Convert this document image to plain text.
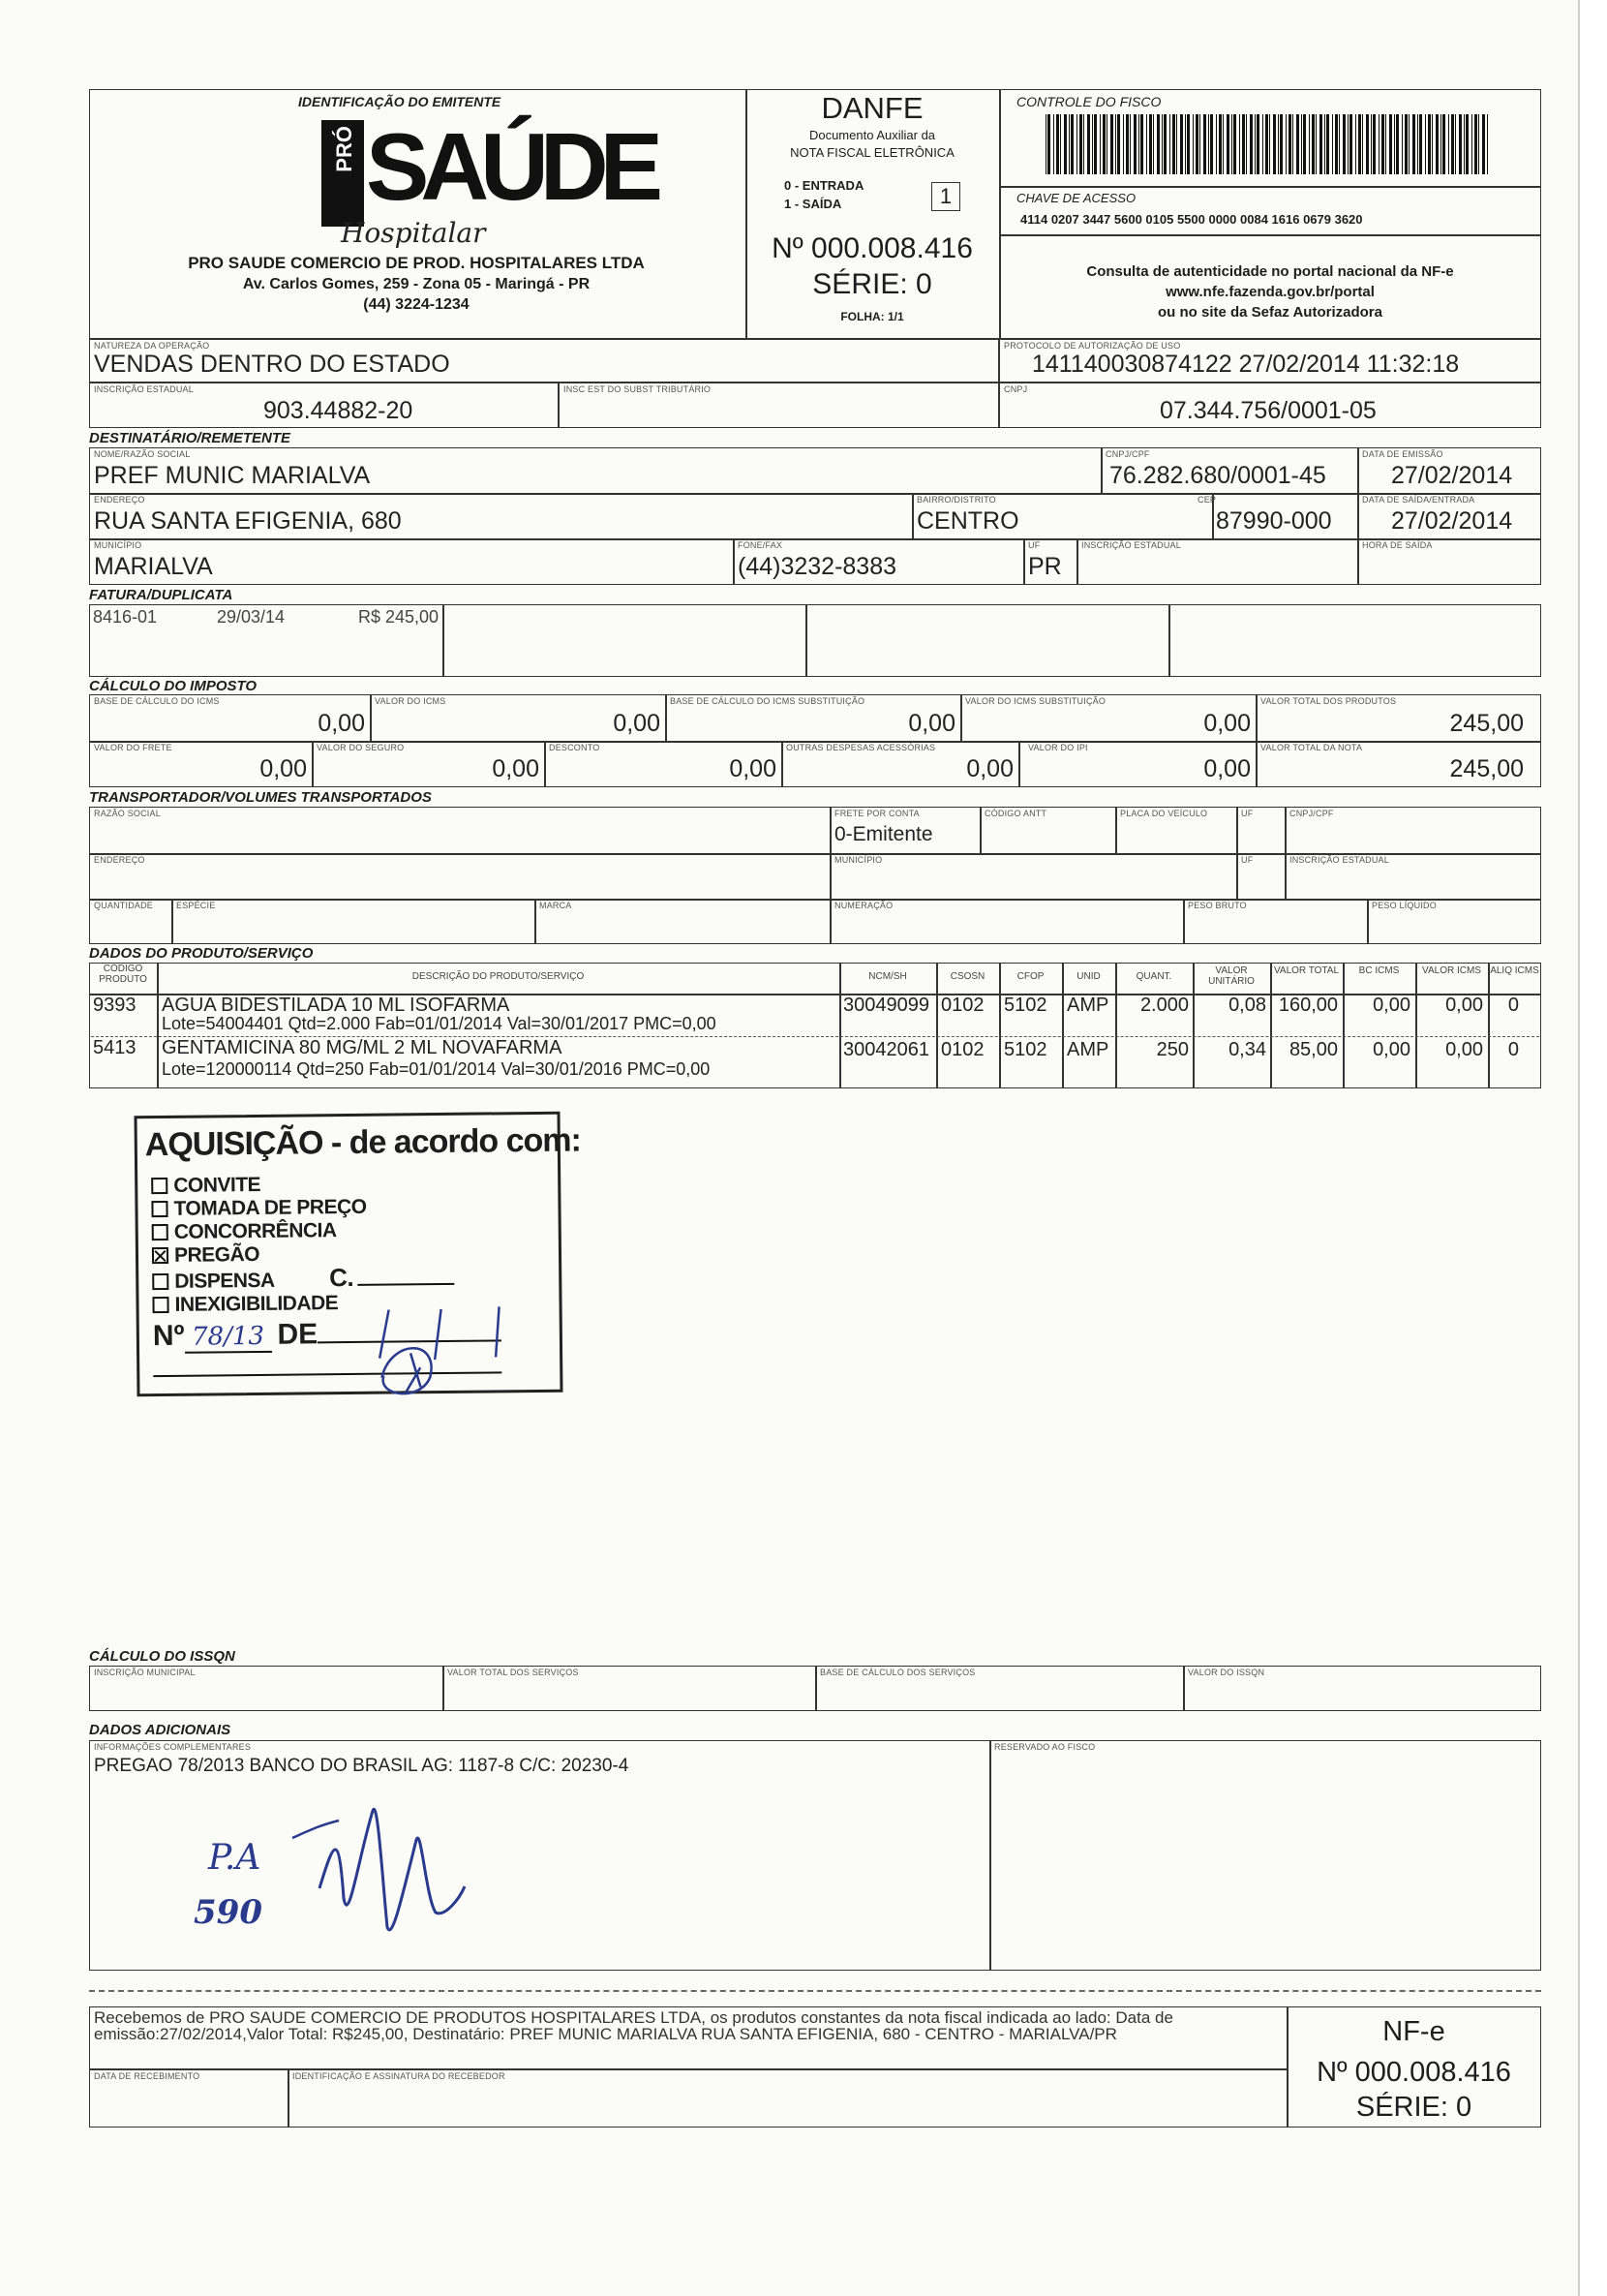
IDENTIFICAÇÃO DO EMITENTE
PRÓ SAÚDE
Hospitalar
PRO SAUDE COMERCIO DE PROD. HOSPITALARES LTDA
Av. Carlos Gomes, 259 - Zona 05 - Maringá - PR
(44) 3224-1234
DANFE
Documento Auxiliar da
NOTA FISCAL ELETRÔNICA
0 - ENTRADA
1 - SAÍDA	1
Nº 000.008.416
SÉRIE: 0
FOLHA: 1/1
CONTROLE DO FISCO
CHAVE DE ACESSO
4114 0207 3447 5600 0105 5500 0000 0084 1616 0679 3620
Consulta de autenticidade no portal nacional da NF-e
www.nfe.fazenda.gov.br/portal
ou no site da Sefaz Autorizadora
NATUREZA DA OPERAÇÃO
VENDAS DENTRO DO ESTADO
PROTOCOLO DE AUTORIZAÇÃO DE USO
141140030874122 27/02/2014 11:32:18
INSCRIÇÃO ESTADUAL
903.44882-20
INSC EST DO SUBST TRIBUTÁRIO	CNPJ
07.344.756/0001-05
DESTINATÁRIO/REMETENTE
NOME/RAZÃO SOCIAL
PREF MUNIC MARIALVA
CNPJ/CPF
76.282.680/0001-45
DATA DE EMISSÃO
27/02/2014
ENDEREÇO
RUA SANTA EFIGENIA, 680
BAIRRO/DISTRITO
CENTRO
CEP
87990-000
DATA DE SAÍDA/ENTRADA
27/02/2014
MUNICÍPIO
MARIALVA
FONE/FAX
(44)3232-8383
UF
PR
INSCRIÇÃO ESTADUAL	HORA DE SAÍDA
FATURA/DUPLICATA
8416-01	29/03/14	R$ 245,00
CÁLCULO DO IMPOSTO
BASE DE CÁLCULO DO ICMS
0,00
VALOR DO ICMS
0,00
BASE DE CÁLCULO DO ICMS SUBSTITUIÇÃO
0,00
VALOR DO ICMS SUBSTITUIÇÃO
0,00
VALOR TOTAL DOS PRODUTOS
245,00
VALOR DO FRETE
0,00
VALOR DO SEGURO
0,00
DESCONTO
0,00
OUTRAS DESPESAS ACESSÓRIAS
0,00
VALOR DO IPI
0,00
VALOR TOTAL DA NOTA
245,00
TRANSPORTADOR/VOLUMES TRANSPORTADOS
RAZÃO SOCIAL	FRETE POR CONTA
0-Emitente
CÓDIGO ANTT	PLACA DO VEÍCULO	UF	CNPJ/CPF
ENDEREÇO	MUNICÍPIO	UF	INSCRIÇÃO ESTADUAL
QUANTIDADE	ESPÉCIE	MARCA	NUMERAÇÃO	PESO BRUTO	PESO LÍQUIDO
DADOS DO PRODUTO/SERVIÇO
CÓDIGO PRODUTO	DESCRIÇÃO DO PRODUTO/SERVIÇO	NCM/SH	CSOSN	CFOP	UNID	QUANT.
VALOR UNITÁRIO
VALOR TOTAL	BC ICMS	VALOR ICMS ALIQ ICMS
9393 AGUA BIDESTILADA 10 ML ISOFARMA
Lote=54004401 Qtd=2.000 Fab=01/01/2014 Val=30/01/2017 PMC=0,00
30049099 0102 5102 AMP	2.000	0,08 160,00	0,00	0,00	0
5413 GENTAMICINA 80 MG/ML 2 ML NOVAFARMA
Lote=120000114 Qtd=250 Fab=01/01/2014 Val=30/01/2016 PMC=0,00
30042061 0102 5102 AMP	250	0,34	85,00	0,00	0,00	0
AQUISIÇÃO - de acordo com:
CONVITE
TOMADA DE PREÇO
CONCORRÊNCIA
PREGÃO
DISPENSA C.
INEXIGIBILIDADE
Nº 78/13 DE
CÁLCULO DO ISSQN
INSCRIÇÃO MUNICIPAL	VALOR TOTAL DOS SERVIÇOS	BASE DE CÁLCULO DOS SERVIÇOS	VALOR DO ISSQN
DADOS ADICIONAIS
INFORMAÇÕES COMPLEMENTARES
PREGAO 78/2013 BANCO DO BRASIL AG: 1187-8 C/C: 20230-4
RESERVADO AO FISCO
P.A
590
Recebemos de PRO SAUDE COMERCIO DE PRODUTOS HOSPITALARES LTDA, os produtos constantes da nota fiscal indicada ao lado: Data de emissão:27/02/2014,Valor Total: R$245,00, Destinatário: PREF MUNIC MARIALVA RUA SANTA EFIGENIA, 680 - CENTRO - MARIALVA/PR
DATA DE RECEBIMENTO	IDENTIFICAÇÃO E ASSINATURA DO RECEBEDOR
NF-e
Nº 000.008.416
SÉRIE: 0
